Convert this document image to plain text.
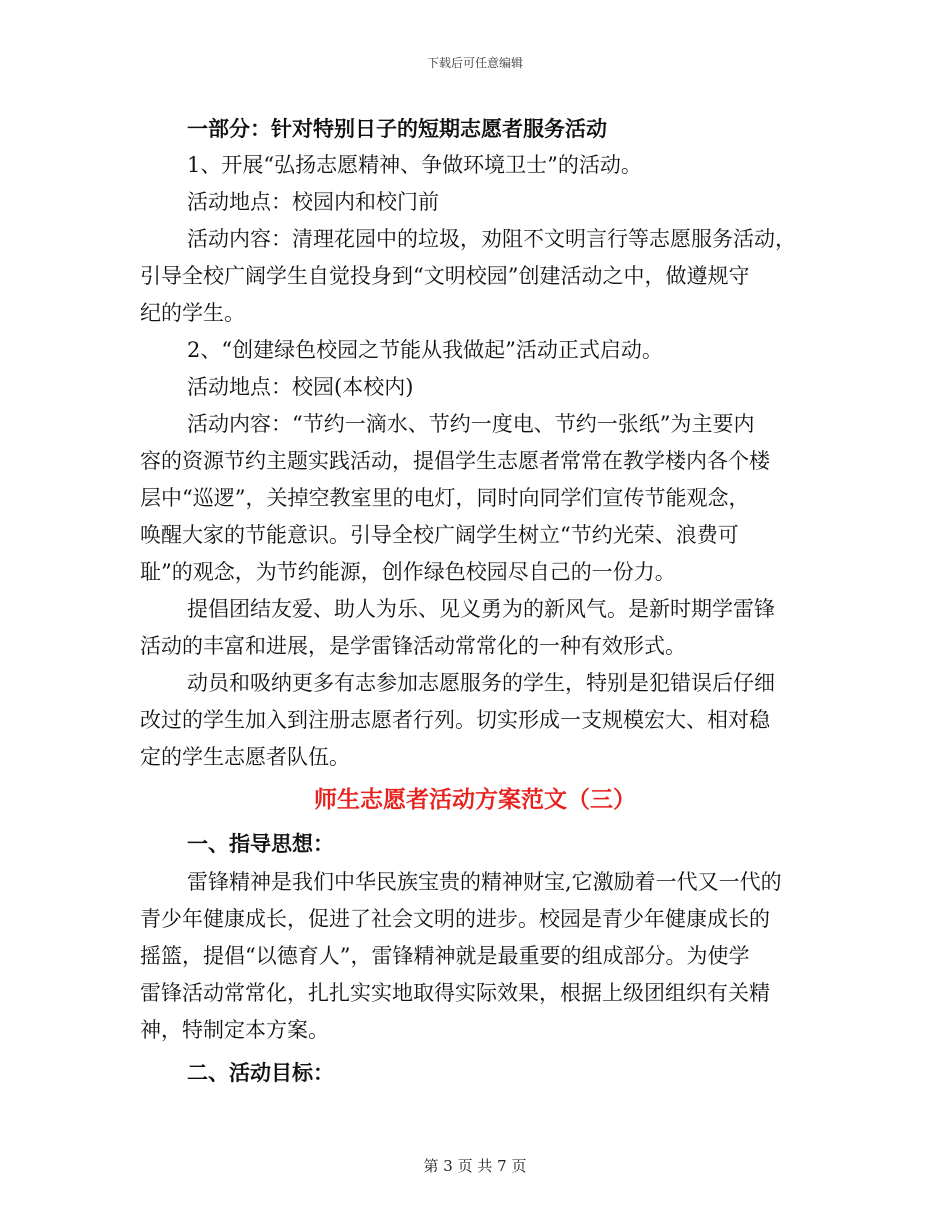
下载后可任意编辑
一部分：针对特别日子的短期志愿者服务活动
1、开展“弘扬志愿精神、争做环境卫士”的活动。
活动地点：校园内和校门前
活动内容：清理花园中的垃圾，劝阻不文明言行等志愿服务活动，
引导全校广阔学生自觉投身到“文明校园”创建活动之中，做遵规守
纪的学生。
2、“创建绿色校园之节能从我做起”活动正式启动。
活动地点：校园(本校内)
活动内容：“节约一滴水、节约一度电、节约一张纸”为主要内
容的资源节约主题实践活动，提倡学生志愿者常常在教学楼内各个楼
层中“巡逻”，关掉空教室里的电灯，同时向同学们宣传节能观念，
唤醒大家的节能意识。引导全校广阔学生树立“节约光荣、浪费可
耻”的观念，为节约能源，创作绿色校园尽自己的一份力。
提倡团结友爱、助人为乐、见义勇为的新风气。是新时期学雷锋
活动的丰富和进展，是学雷锋活动常常化的一种有效形式。
动员和吸纳更多有志参加志愿服务的学生，特别是犯错误后仔细
改过的学生加入到注册志愿者行列。切实形成一支规模宏大、相对稳
定的学生志愿者队伍。
师生志愿者活动方案范文（三）
一、指导思想：
雷锋精神是我们中华民族宝贵的精神财宝,它激励着一代又一代的
青少年健康成长，促进了社会文明的进步。校园是青少年健康成长的
摇篮，提倡“以德育人”，雷锋精神就是最重要的组成部分。为使学
雷锋活动常常化，扎扎实实地取得实际效果，根据上级团组织有关精
神，特制定本方案。
二、活动目标：
第 3 页 共 7 页
